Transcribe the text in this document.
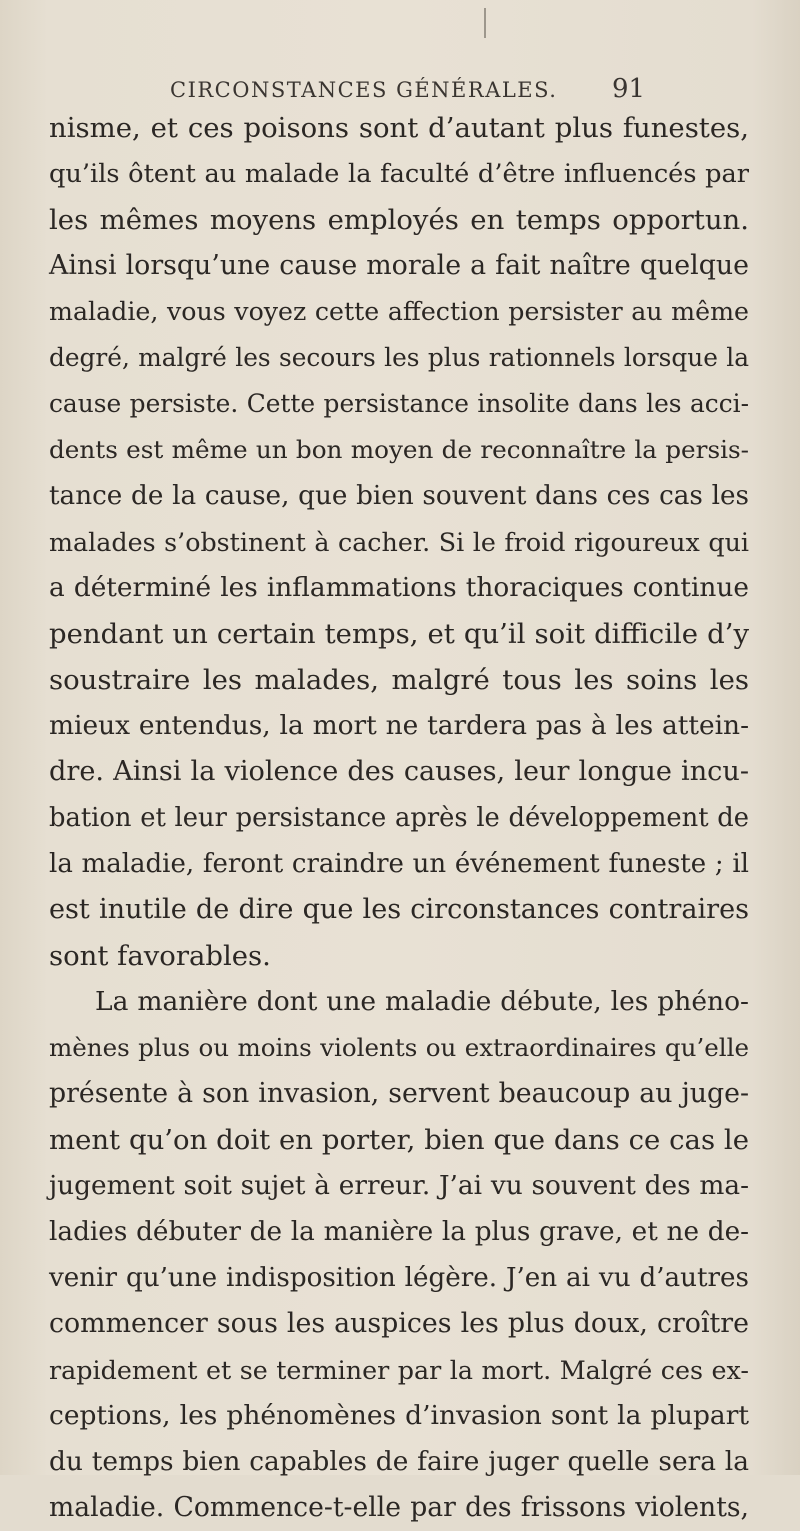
CIRCONSTANCES GÉNÉRALES.	91
nisme, et ces poisons sont d’autant plus funestes,
qu’ils ôtent au malade la faculté d’être influencés par
les mêmes moyens employés en temps opportun.
Ainsi lorsqu’une cause morale a fait naître quelque
maladie, vous voyez cette affection persister au même
degré, malgré les secours les plus rationnels lorsque la
cause persiste. Cette persistance insolite dans les acci-
dents est même un bon moyen de reconnaître la persis-
tance de la cause, que bien souvent dans ces cas les
malades s’obstinent à cacher. Si le froid rigoureux qui
a déterminé les inflammations thoraciques continue
pendant un certain temps, et qu’il soit difficile d’y
soustraire les malades, malgré tous les soins les
mieux entendus, la mort ne tardera pas à les attein-
dre. Ainsi la violence des causes, leur longue incu-
bation et leur persistance après le développement de
la maladie, feront craindre un événement funeste ; il
est inutile de dire que les circonstances contraires
sont favorables.
La manière dont une maladie débute, les phéno-
mènes plus ou moins violents ou extraordinaires qu’elle
présente à son invasion, servent beaucoup au juge-
ment qu’on doit en porter, bien que dans ce cas le
jugement soit sujet à erreur. J’ai vu souvent des ma-
ladies débuter de la manière la plus grave, et ne de-
venir qu’une indisposition légère. J’en ai vu d’autres
commencer sous les auspices les plus doux, croître
rapidement et se terminer par la mort. Malgré ces ex-
ceptions, les phénomènes d’invasion sont la plupart
du temps bien capables de faire juger quelle sera la
maladie. Commence-t-elle par des frissons violents,
